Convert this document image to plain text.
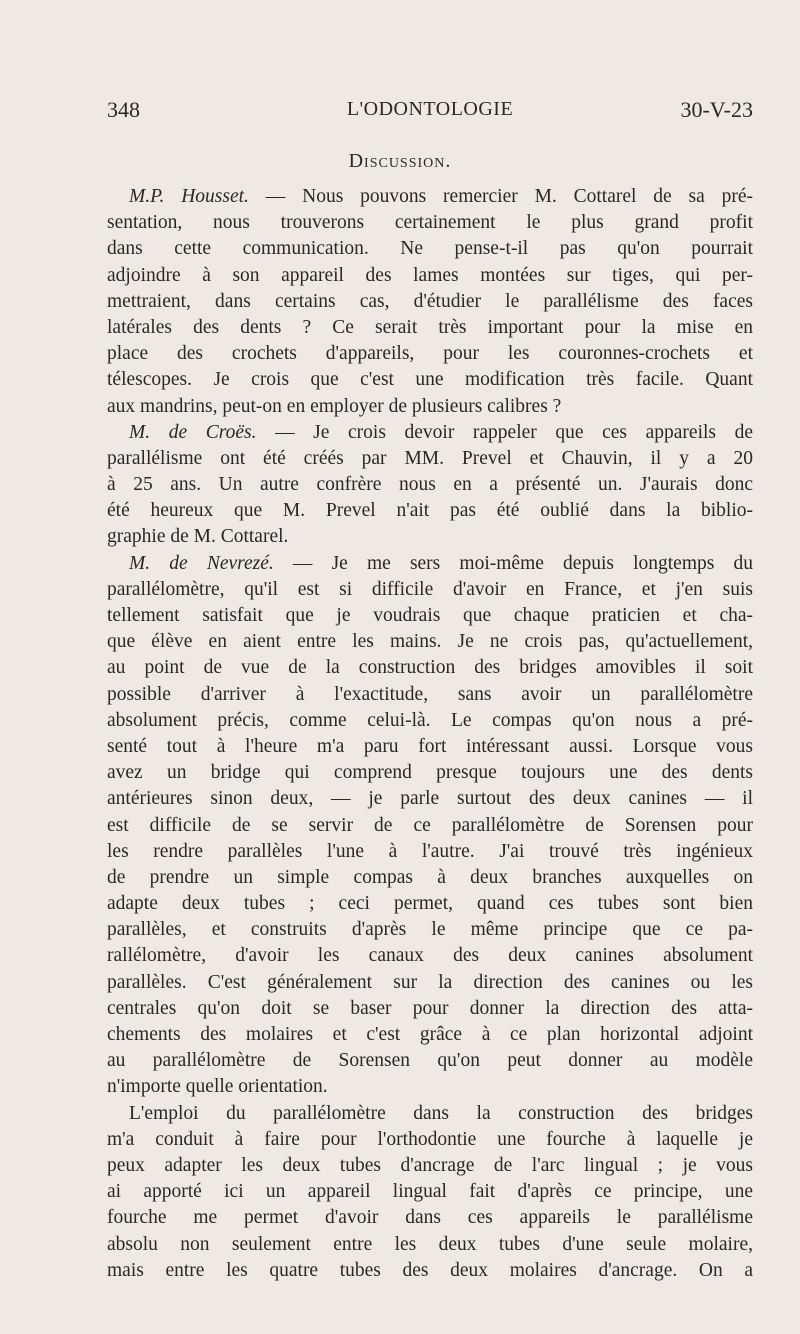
348	L'ODONTOLOGIE	30-V-23
Discussion.
M.P. Housset. — Nous pouvons remercier M. Cottarel de sa pré-
sentation, nous trouverons certainement le plus grand profit
dans cette communication. Ne pense-t-il pas qu'on pourrait
adjoindre à son appareil des lames montées sur tiges, qui per-
mettraient, dans certains cas, d'étudier le parallélisme des faces
latérales des dents ? Ce serait très important pour la mise en
place des crochets d'appareils, pour les couronnes-crochets et
télescopes. Je crois que c'est une modification très facile. Quant
aux mandrins, peut-on en employer de plusieurs calibres ?
M. de Croës. — Je crois devoir rappeler que ces appareils de
parallélisme ont été créés par MM. Prevel et Chauvin, il y a 20
à 25 ans. Un autre confrère nous en a présenté un. J'aurais donc
été heureux que M. Prevel n'ait pas été oublié dans la biblio-
graphie de M. Cottarel.
M. de Nevrezé. — Je me sers moi-même depuis longtemps du
parallélomètre, qu'il est si difficile d'avoir en France, et j'en suis
tellement satisfait que je voudrais que chaque praticien et cha-
que élève en aient entre les mains. Je ne crois pas, qu'actuellement,
au point de vue de la construction des bridges amovibles il soit
possible d'arriver à l'exactitude, sans avoir un parallélomètre
absolument précis, comme celui-là. Le compas qu'on nous a pré-
senté tout à l'heure m'a paru fort intéressant aussi. Lorsque vous
avez un bridge qui comprend presque toujours une des dents
antérieures sinon deux, — je parle surtout des deux canines — il
est difficile de se servir de ce parallélomètre de Sorensen pour
les rendre parallèles l'une à l'autre. J'ai trouvé très ingénieux
de prendre un simple compas à deux branches auxquelles on
adapte deux tubes ; ceci permet, quand ces tubes sont bien
parallèles, et construits d'après le même principe que ce pa-
rallélomètre, d'avoir les canaux des deux canines absolument
parallèles. C'est généralement sur la direction des canines ou les
centrales qu'on doit se baser pour donner la direction des atta-
chements des molaires et c'est grâce à ce plan horizontal adjoint
au parallélomètre de Sorensen qu'on peut donner au modèle
n'importe quelle orientation.
L'emploi du parallélomètre dans la construction des bridges
m'a conduit à faire pour l'orthodontie une fourche à laquelle je
peux adapter les deux tubes d'ancrage de l'arc lingual ; je vous
ai apporté ici un appareil lingual fait d'après ce principe, une
fourche me permet d'avoir dans ces appareils le parallélisme
absolu non seulement entre les deux tubes d'une seule molaire,
mais entre les quatre tubes des deux molaires d'ancrage. On a
